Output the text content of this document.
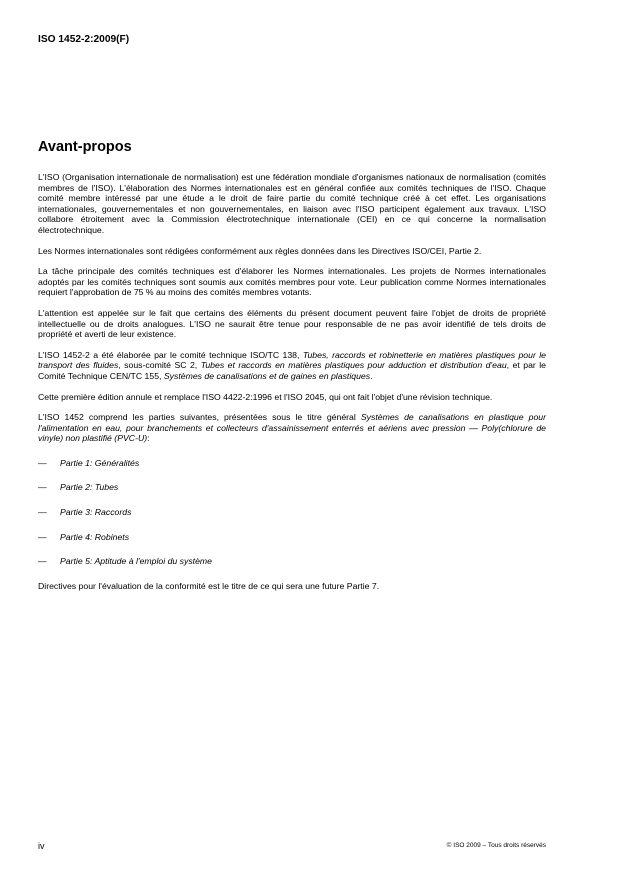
ISO 1452-2:2009(F)
Avant-propos

L'ISO (Organisation internationale de normalisation) est une fédération mondiale d'organismes nationaux de normalisation (comités membres de l'ISO). L'élaboration des Normes internationales est en général confiée aux comités techniques de l'ISO. Chaque comité membre intéressé par une étude a le droit de faire partie du comité technique créé à cet effet. Les organisations internationales, gouvernementales et non gouvernementales, en liaison avec l'ISO participent également aux travaux. L'ISO collabore étroitement avec la Commission électrotechnique internationale (CEI) en ce qui concerne la normalisation électrotechnique.

Les Normes internationales sont rédigées conformément aux règles données dans les Directives ISO/CEI, Partie 2.

La tâche principale des comités techniques est d'élaborer les Normes internationales. Les projets de Normes internationales adoptés par les comités techniques sont soumis aux comités membres pour vote. Leur publication comme Normes internationales requiert l'approbation de 75 % au moins des comités membres votants.

L'attention est appelée sur le fait que certains des éléments du présent document peuvent faire l'objet de droits de propriété intellectuelle ou de droits analogues. L'ISO ne saurait être tenue pour responsable de ne pas avoir identifié de tels droits de propriété et averti de leur existence.

L'ISO 1452-2 a été élaborée par le comité technique ISO/TC 138, Tubes, raccords et robinetterie en matières plastiques pour le transport des fluides, sous-comité SC 2, Tubes et raccords en matières plastiques pour adduction et distribution d'eau, et par le Comité Technique CEN/TC 155, Systèmes de canalisations et de gaines en plastiques.

Cette première édition annule et remplace l'ISO 4422-2:1996 et l'ISO 2045, qui ont fait l'objet d'une révision technique.

L'ISO 1452 comprend les parties suivantes, présentées sous le titre général Systèmes de canalisations en plastique pour l'alimentation en eau, pour branchements et collecteurs d'assainissement enterrés et aériens avec pression — Poly(chlorure de vinyle) non plastifié (PVC-U):

—	Partie 1: Généralités
—	Partie 2: Tubes
—	Partie 3: Raccords
—	Partie 4: Robinets
—	Partie 5: Aptitude à l'emploi du système

Directives pour l'évaluation de la conformité est le titre de ce qui sera une future Partie 7.

iv	© ISO 2009 – Tous droits réservés
